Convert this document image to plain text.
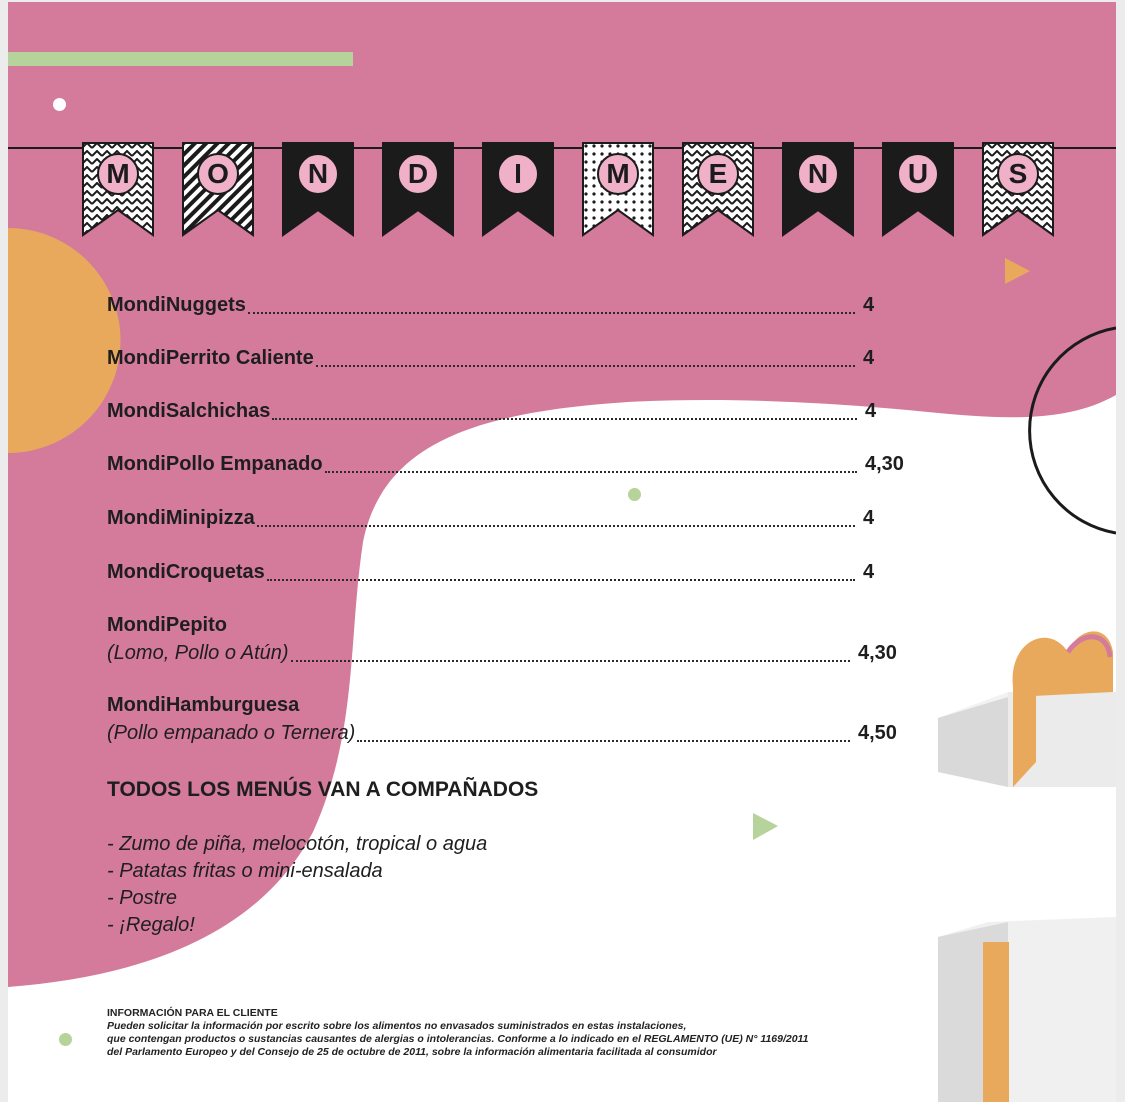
M	O	N	D	I	M	E	N	U	S
MondiNuggets	4
MondiPerrito Caliente	4
MondiSalchichas	4
MondiPollo Empanado	4,30
MondiMinipizza	4
MondiCroquetas	4
MondiPepito
(Lomo, Pollo o Atún)	4,30
MondiHamburguesa
(Pollo empanado o Ternera)	4,50
TODOS LOS MENÚS VAN A COMPAÑADOS
- Zumo de piña, melocotón, tropical o agua
- Patatas fritas o mini-ensalada
- Postre
- ¡Regalo!
INFORMACIÓN PARA EL CLIENTE
Pueden solicitar la información por escrito sobre los alimentos no envasados suministrados en estas instalaciones,
que contengan productos o sustancias causantes de alergias o intolerancias. Conforme a lo indicado en el REGLAMENTO (UE) N° 1169/2011
del Parlamento Europeo y del Consejo de 25 de octubre de 2011, sobre la información alimentaria facilitada al consumidor
